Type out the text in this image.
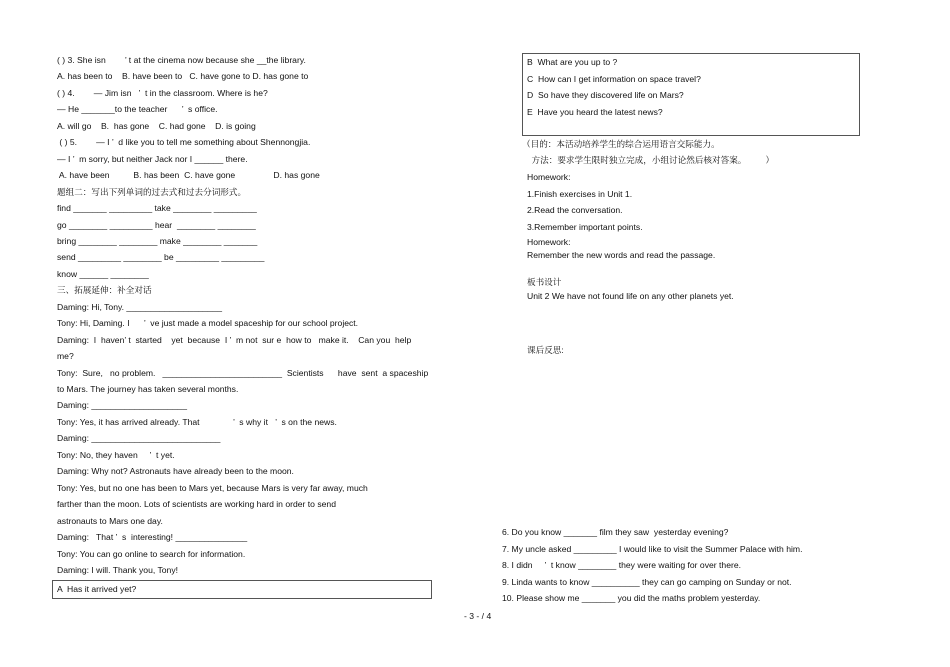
( ) 3. She isn        ’ t at the cinema now because she __the library.
A. has been to    B. have been to   C. have gone to D. has gone to
( ) 4.        — Jim isn   ’  t in the classroom. Where is he?
— He _______to the teacher      ’  s office.
A. will go    B.  has gone    C. had gone    D. is going
( ) 5.        — I ’  d like you to tell me something about Shennongjia.
— I ’  m sorry, but neither Jack nor I ______ there.
A. have been          B. has been  C. have gone                D. has gone
题组二：写出下列单词的过去式和过去分词形式。
find _______ _________ take ________ _________
go ________ _________ hear  ________ ________
bring ________ ________ make ________ _______
send _________ ________ be _________ _________
know ______ ________
三、拓展延伸：补全对话
Daming: Hi, Tony. ____________________
Tony: Hi, Daming. I      ’  ve just made a model spaceship for our school project.
Daming:  I  haven’ t  started    yet  because  I ’  m not  sur e  how to   make it.    Can you  help
me?
Tony:  Sure,   no problem.   _________________________  Scientists      have  sent  a spaceship
to Mars. The journey has taken several months.
Daming: ____________________
Tony: Yes, it has arrived already. That              ’  s why it   ’  s on the news.
Daming: ___________________________
Tony: No, they haven     ’  t yet.
Daming: Why not? Astronauts have already been to the moon.
Tony: Yes, but no one has been to Mars yet, because Mars is very far away, much
farther than the moon. Lots of scientists are working hard in order to send
astronauts to Mars one day.
Daming:   That ’  s  interesting! _______________
Tony: You can go online to search for information.
Daming: I will. Thank you, Tony!
A  Has it arrived yet?
B  What are you up to ?
C  How can I get information on space travel?
D  So have they discovered life on Mars?
E  Have you heard the latest news?
（目的：本活动培养学生的综合运用语言交际能力。
方法：要求学生限时独立完成，小组讨论然后核对答案。        ）
Homework:
1.Finish exercises in Unit 1.
2.Read the conversation.
3.Remember important points.
Homework:
Remember the new words and read the passage.
板书设计
Unit 2 We have not found life on any other planets yet.
课后反思:
6. Do you know _______ film they saw  yesterday evening?
7. My uncle asked _________ I would like to visit the Summer Palace with him.
8. I didn     ’  t know ________ they were waiting for over there.
9. Linda wants to know __________ they can go camping on Sunday or not.
10. Please show me _______ you did the maths problem yesterday.
- 3 - / 4
